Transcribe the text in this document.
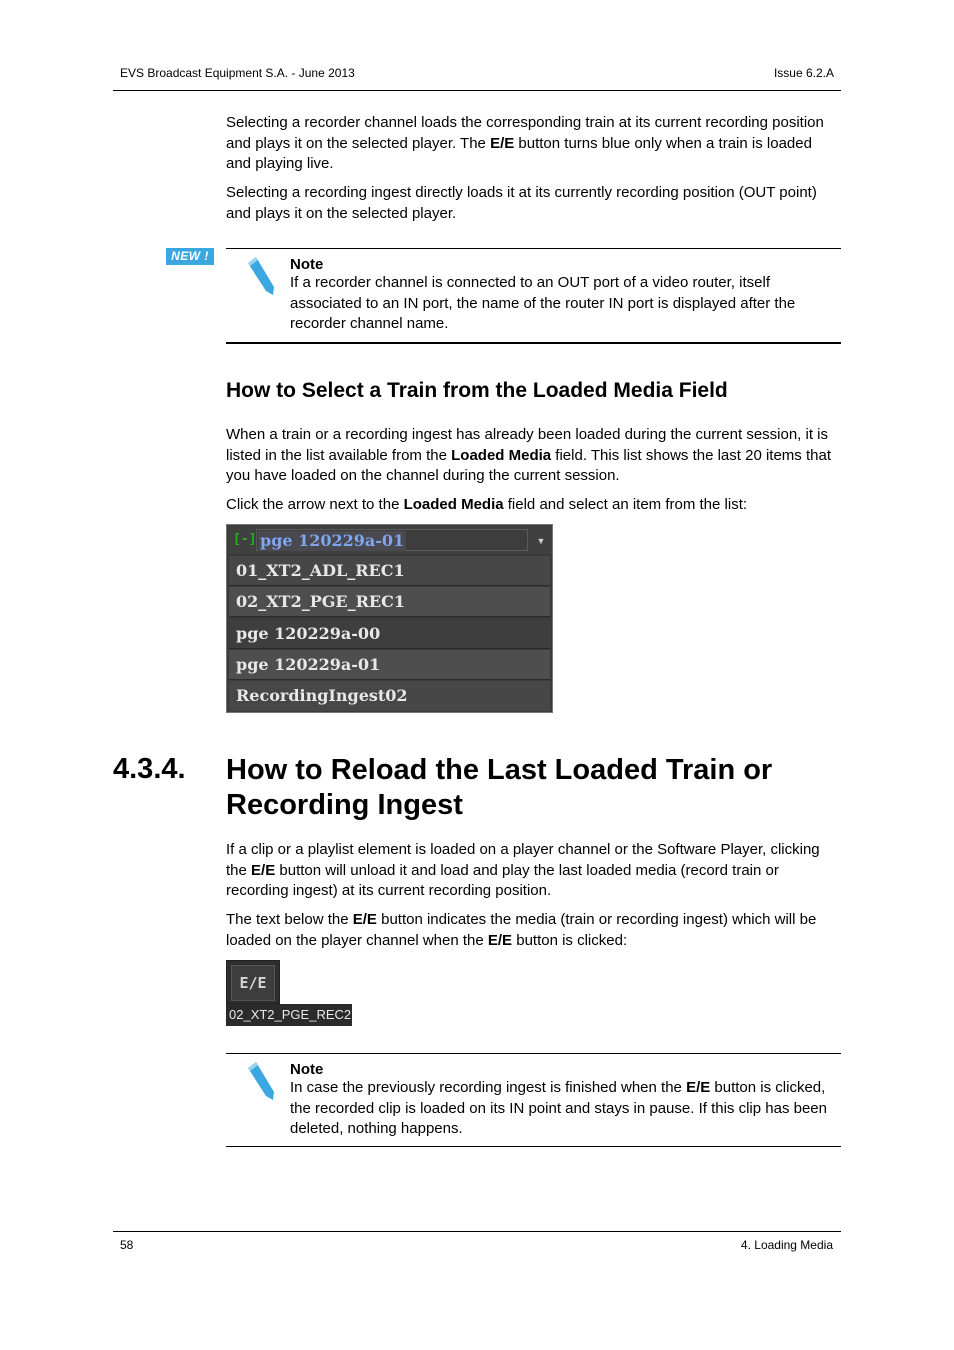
EVS Broadcast Equipment S.A. - June 2013	Issue 6.2.A

Selecting a recorder channel loads the corresponding train at its current recording position and plays it on the selected player. The E/E button turns blue only when a train is loaded and playing live.

Selecting a recording ingest directly loads it at its currently recording position (OUT point) and plays it on the selected player.

NEW !	Note

If a recorder channel is connected to an OUT port of a video router, itself associated to an IN port, the name of the router IN port is displayed after the recorder channel name.

How to Select a Train from the Loaded Media Field

When a train or a recording ingest has already been loaded during the current session, it is listed in the list available from the Loaded Media field. This list shows the last 20 items that you have loaded on the channel during the current session.

Click the arrow next to the Loaded Media field and select an item from the list:

[-] pge 120229a-01	▼
01_XT2_ADL_REC1
02_XT2_PGE_REC1
pge 120229a-00
pge 120229a-01
RecordingIngest02
4.3.4. How to Reload the Last Loaded Train or Recording Ingest

If a clip or a playlist element is loaded on a player channel or the Software Player, clicking the E/E button will unload it and load and play the last loaded media (record train or recording ingest) at its current recording position.

The text below the E/E button indicates the media (train or recording ingest) which will be loaded on the player channel when the E/E button is clicked:

E/E
02_XT2_PGE_REC2
Note

In case the previously recording ingest is finished when the E/E button is clicked, the recorded clip is loaded on its IN point and stays in pause. If this clip has been deleted, nothing happens.

58	4. Loading Media
